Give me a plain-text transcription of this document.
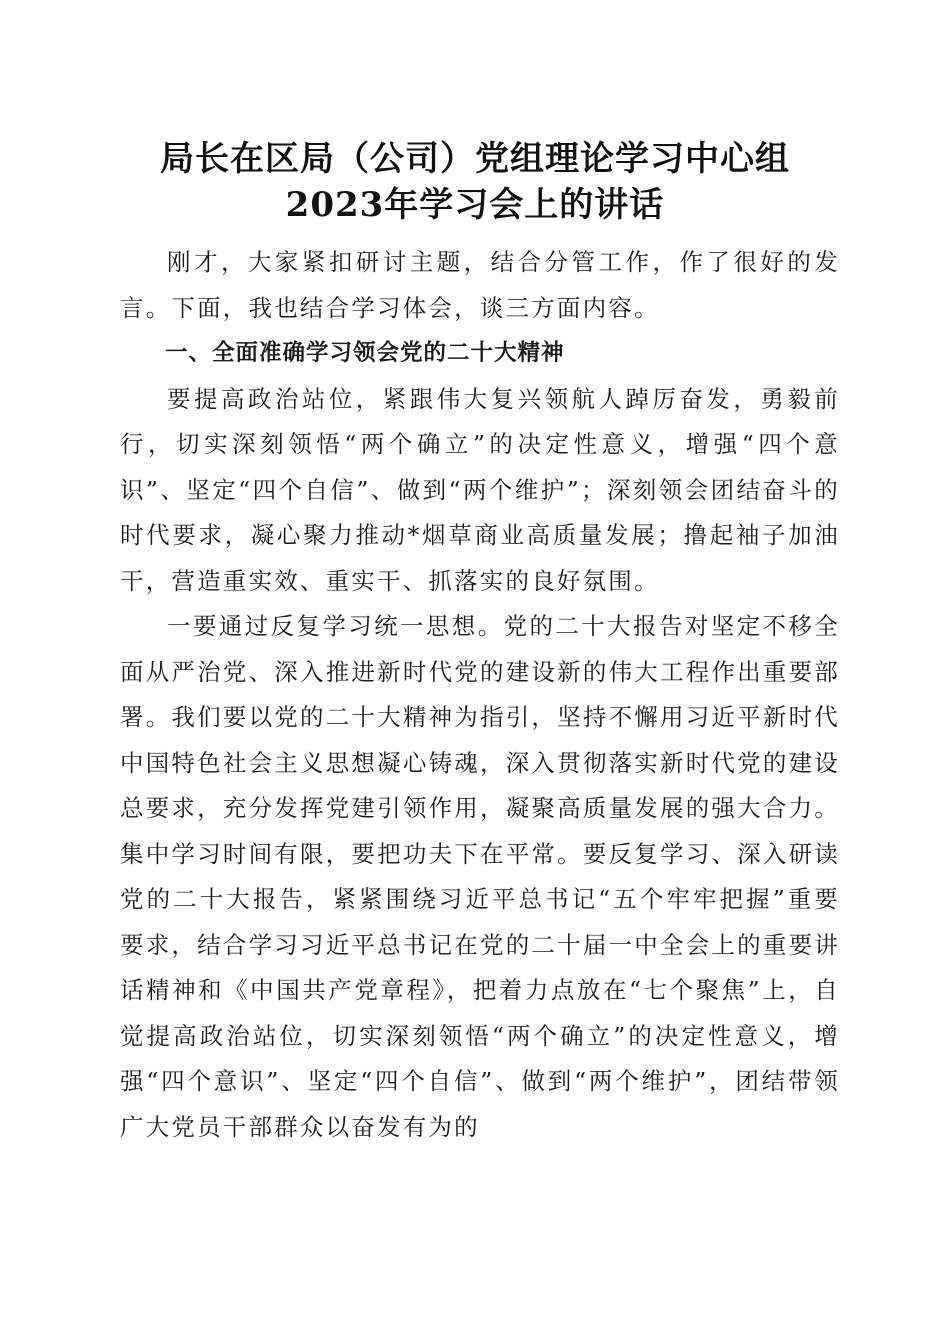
局长在区局（公司）党组理论学习中心组
2023年学习会上的讲话

刚才，大家紧扣研讨主题，结合分管工作，作了很好的发言。下面，我也结合学习体会，谈三方面内容。

一、全面准确学习领会党的二十大精神

要提高政治站位，紧跟伟大复兴领航人踔厉奋发，勇毅前行，切实深刻领悟“两个确立”的决定性意义，增强“四个意识”、坚定“四个自信”、做到“两个维护”；深刻领会团结奋斗的时代要求，凝心聚力推动*烟草商业高质量发展；撸起袖子加油干，营造重实效、重实干、抓落实的良好氛围。

一要通过反复学习统一思想。党的二十大报告对坚定不移全面从严治党、深入推进新时代党的建设新的伟大工程作出重要部署。我们要以党的二十大精神为指引，坚持不懈用习近平新时代中国特色社会主义思想凝心铸魂，深入贯彻落实新时代党的建设总要求，充分发挥党建引领作用，凝聚高质量发展的强大合力。集中学习时间有限，要把功夫下在平常。要反复学习、深入研读党的二十大报告，紧紧围绕习近平总书记“五个牢牢把握”重要要求，结合学习习近平总书记在党的二十届一中全会上的重要讲话精神和《中国共产党章程》，把着力点放在“七个聚焦”上，自觉提高政治站位，切实深刻领悟“两个确立”的决定性意义，增强“四个意识”、坚定“四个自信”、做到“两个维护”，团结带领广大党员干部群众以奋发有为的
